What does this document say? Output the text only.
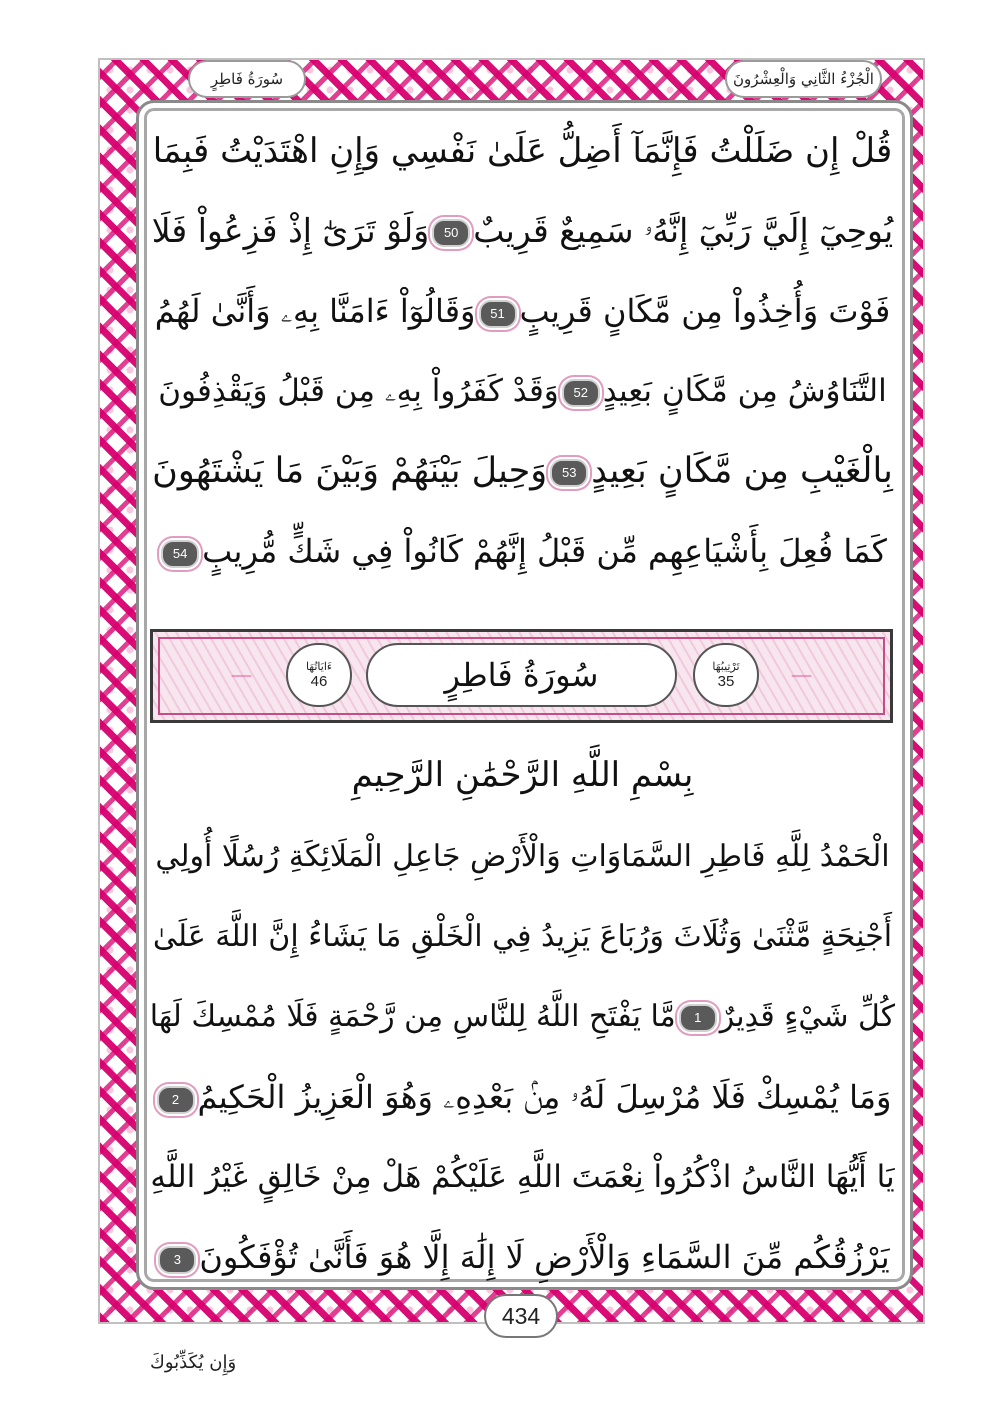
سُورَةُ فَاطِرٍ	الْجُزْءُ الثَّانِي وَالْعِشْرُونَ
قُلْ إِن ضَلَلْتُ فَإِنَّمَآ أَضِلُّ عَلَىٰ نَفْسِي وَإِنِ اهْتَدَيْتُ فَبِمَا
يُوحِيٓ إِلَيَّ رَبِّيٓ إِنَّهُۥ سَمِيعٌ قَرِيبٌ50وَلَوْ تَرَىٰٓ إِذْ فَزِعُواْ فَلَا
فَوْتَ وَأُخِذُواْ مِن مَّكَانٍ قَرِيبٍ51وَقَالُوٓاْ ءَامَنَّا بِهِۦ وَأَنَّىٰ لَهُمُ
التَّنَاوُشُ مِن مَّكَانٍ بَعِيدٍ52وَقَدْ كَفَرُواْ بِهِۦ مِن قَبْلُ وَيَقْذِفُونَ
بِالْغَيْبِ مِن مَّكَانٍ بَعِيدٍ53وَحِيلَ بَيْنَهُمْ وَبَيْنَ مَا يَشْتَهُونَ
كَمَا فُعِلَ بِأَشْيَاعِهِم مِّن قَبْلُ إِنَّهُمْ كَانُواْ فِي شَكٍّ مُّرِيبٍ54
ءَايَاتُهَا
46	سُورَةُ فَاطِرٍ	تَرْتِيبُهَا
35
بِسْمِ اللَّهِ الرَّحْمَٰنِ الرَّحِيمِ
الْحَمْدُ لِلَّهِ فَاطِرِ السَّمَاوَاتِ وَالْأَرْضِ جَاعِلِ الْمَلَائِكَةِ رُسُلًا أُولِي
أَجْنِحَةٍ مَّثْنَىٰ وَثُلَاثَ وَرُبَاعَ يَزِيدُ فِي الْخَلْقِ مَا يَشَاءُ إِنَّ اللَّهَ عَلَىٰ
كُلِّ شَيْءٍ قَدِيرٌ1مَّا يَفْتَحِ اللَّهُ لِلنَّاسِ مِن رَّحْمَةٍ فَلَا مُمْسِكَ لَهَا
وَمَا يُمْسِكْ فَلَا مُرْسِلَ لَهُۥ مِنۢ بَعْدِهِۦ وَهُوَ الْعَزِيزُ الْحَكِيمُ2
يَا أَيُّهَا النَّاسُ اذْكُرُواْ نِعْمَتَ اللَّهِ عَلَيْكُمْ هَلْ مِنْ خَالِقٍ غَيْرُ اللَّهِ
يَرْزُقُكُم مِّنَ السَّمَاءِ وَالْأَرْضِ لَا إِلَٰهَ إِلَّا هُوَ فَأَنَّىٰ تُؤْفَكُونَ3
434
وَإِن يُكَذِّبُوكَ
